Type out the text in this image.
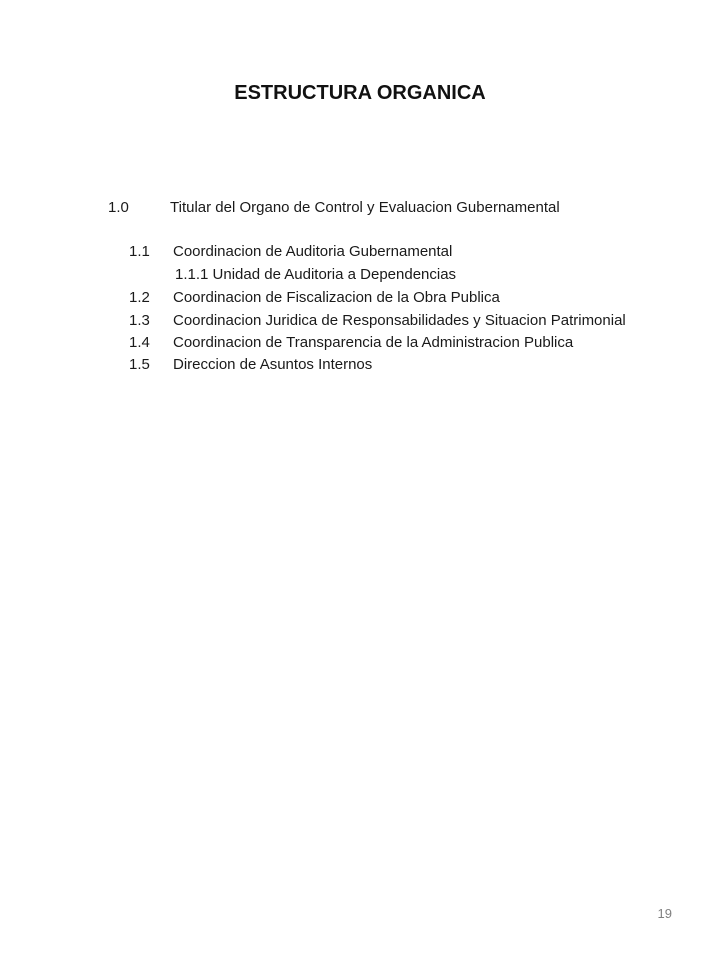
ESTRUCTURA ORGANICA
1.0	Titular del Organo de Control y Evaluacion Gubernamental
1.1 Coordinacion de Auditoria Gubernamental
1.1.1 Unidad de Auditoria a Dependencias
1.2 Coordinacion de Fiscalizacion de la Obra Publica
1.3 Coordinacion Juridica de Responsabilidades y Situacion Patrimonial
1.4 Coordinacion de Transparencia de la Administracion Publica
1.5 Direccion de Asuntos Internos
19
